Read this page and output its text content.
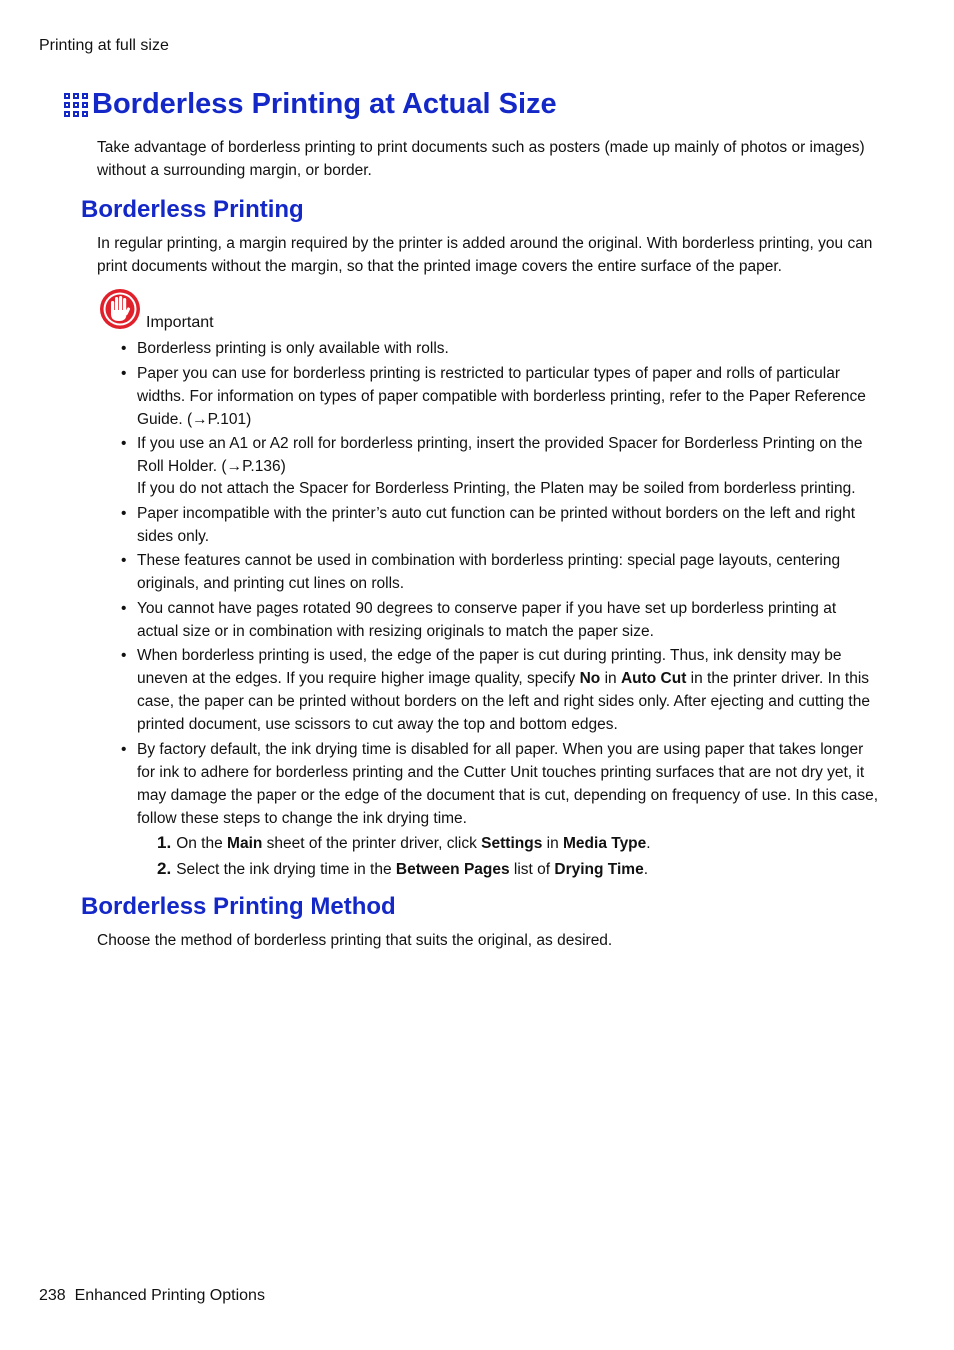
Printing at full size
Borderless Printing at Actual Size
Take advantage of borderless printing to print documents such as posters (made up mainly of photos or images) without a surrounding margin, or border.
Borderless Printing
In regular printing, a margin required by the printer is added around the original. With borderless printing, you can print documents without the margin, so that the printed image covers the entire surface of the paper.
Important
• Borderless printing is only available with rolls.
• Paper you can use for borderless printing is restricted to particular types of paper and rolls of particular widths. For information on types of paper compatible with borderless printing, refer to the Paper Reference Guide. (→P.101)
• If you use an A1 or A2 roll for borderless printing, insert the provided Spacer for Borderless Printing on the Roll Holder. (→P.136)
If you do not attach the Spacer for Borderless Printing, the Platen may be soiled from borderless printing.
• Paper incompatible with the printer’s auto cut function can be printed without borders on the left and right sides only.
• These features cannot be used in combination with borderless printing: special page layouts, centering originals, and printing cut lines on rolls.
• You cannot have pages rotated 90 degrees to conserve paper if you have set up borderless printing at actual size or in combination with resizing originals to match the paper size.
• When borderless printing is used, the edge of the paper is cut during printing. Thus, ink density may be uneven at the edges. If you require higher image quality, specify No in Auto Cut in the printer driver. In this case, the paper can be printed without borders on the left and right sides only. After ejecting and cutting the printed document, use scissors to cut away the top and bottom edges.
• By factory default, the ink drying time is disabled for all paper. When you are using paper that takes longer for ink to adhere for borderless printing and the Cutter Unit touches printing surfaces that are not dry yet, it may damage the paper or the edge of the document that is cut, depending on frequency of use. In this case, follow these steps to change the ink drying time.
1. On the Main sheet of the printer driver, click Settings in Media Type.
2. Select the ink drying time in the Between Pages list of Drying Time.
Borderless Printing Method
Choose the method of borderless printing that suits the original, as desired.
238 Enhanced Printing Options
